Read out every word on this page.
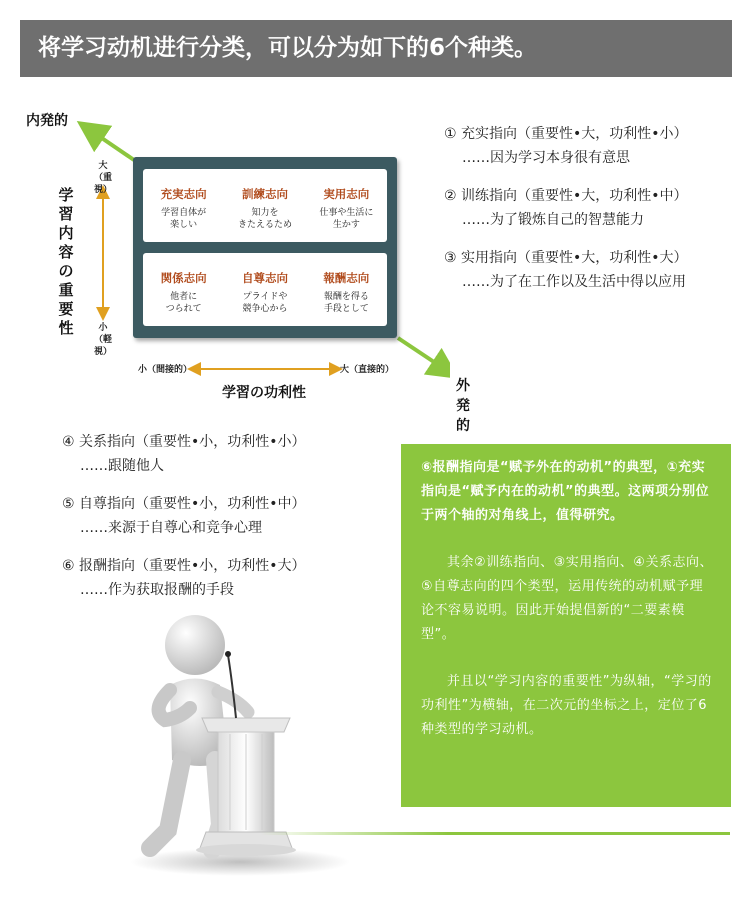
将学习动机进行分类，可以分为如下的6个种类。
内発的
外発的
大
（重視）
小
（軽視）
学習内容の重要性
小（間接的）	大（直接的）
学習の功利性
充実志向
学習自体が
楽しい
訓練志向
知力を
きたえるため
実用志向
仕事や生活に
生かす
関係志向
他者に
つられて
自尊志向
プライドや
競争心から
報酬志向
報酬を得る
手段として
① 充实指向（重要性•大，功利性•小）
……因为学习本身很有意思
② 训练指向（重要性•大，功利性•中）
……为了锻炼自己的智慧能力
③ 实用指向（重要性•大，功利性•大）
……为了在工作以及生活中得以应用
④ 关系指向（重要性•小，功利性•小）
……跟随他人
⑤ 自尊指向（重要性•小，功利性•中）
……来源于自尊心和竞争心理
⑥ 报酬指向（重要性•小，功利性•大）
……作为获取报酬的手段
⑥报酬指向是“赋予外在的动机”的典型，①充实指向是“赋予内在的动机”的典型。这两项分别位于两个轴的对角线上，值得研究。
其余②训练指向、③实用指向、④关系志向、⑤自尊志向的四个类型，运用传统的动机赋予理论不容易说明。因此开始提倡新的“二要素模型”。
并且以“学习内容的重要性”为纵轴，“学习的功利性”为横轴，在二次元的坐标之上，定位了6种类型的学习动机。
